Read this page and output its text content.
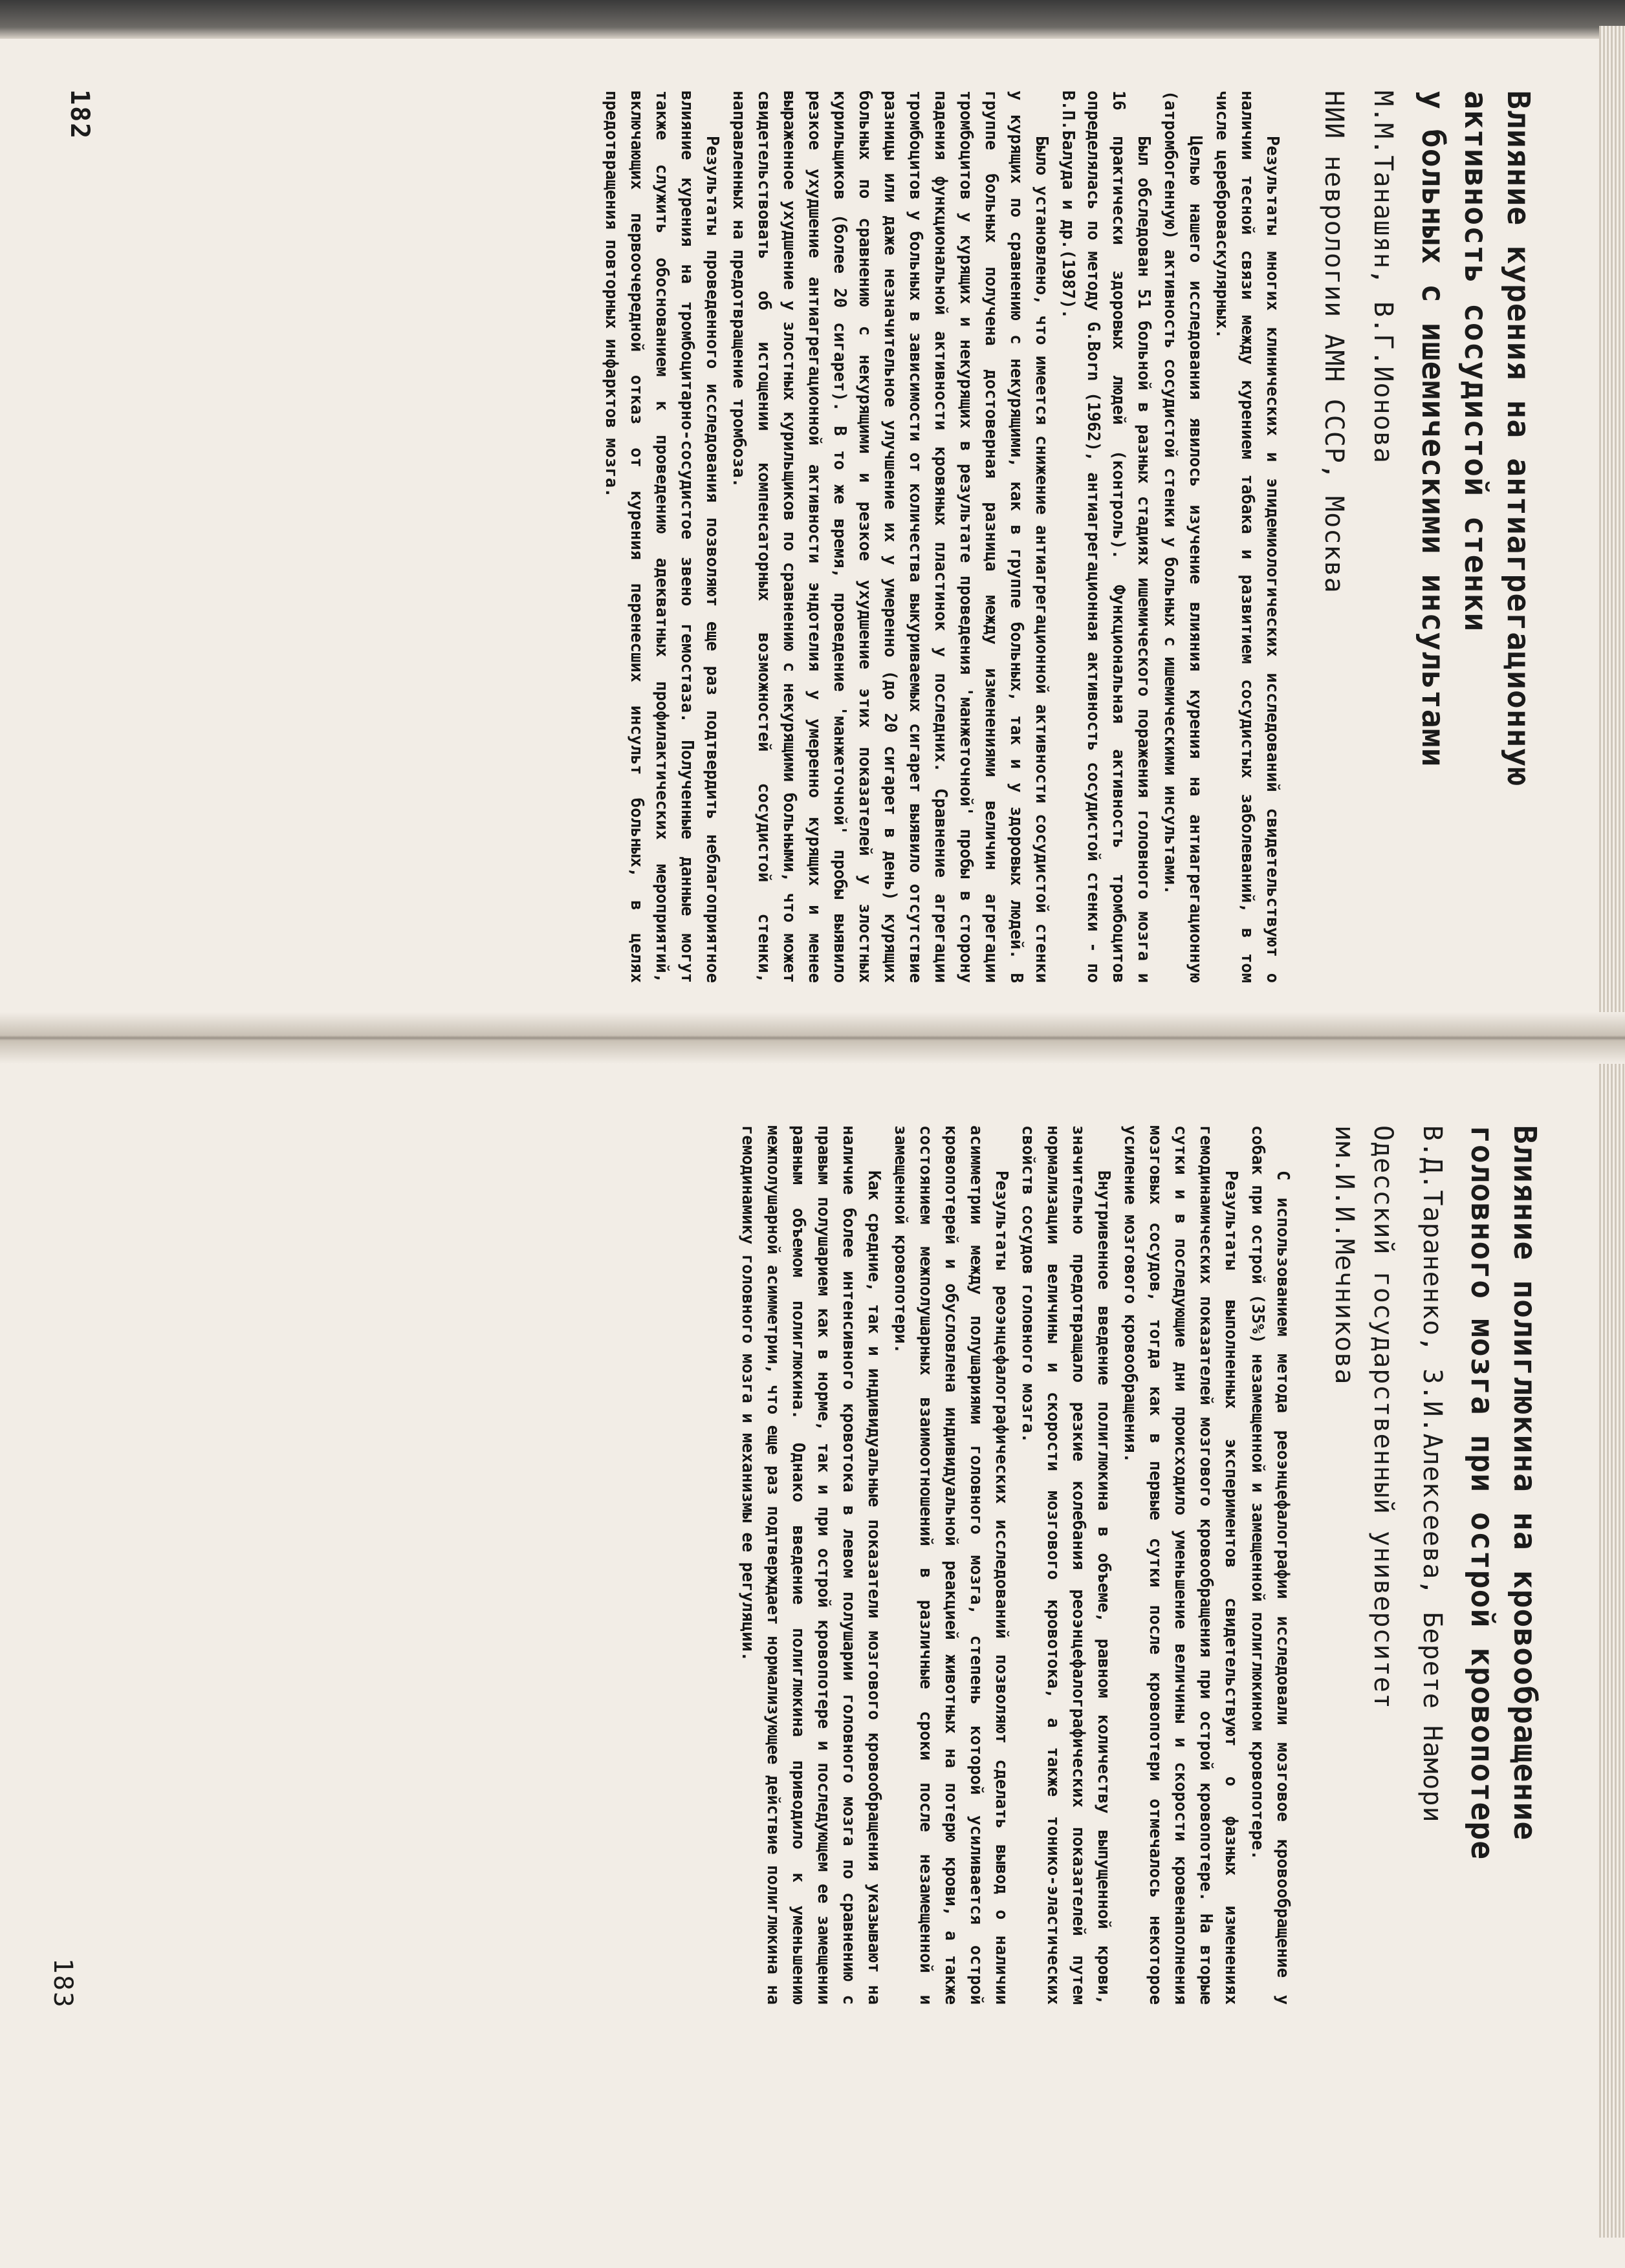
Влияние курения на антиагрегационную
активность сосудистой стенки
у больных с ишемическими инсультами
М.М.Танашян, В.Г.Ионова
НИИ неврологии АМН СССР, Москва

Результаты многих клинических и эпидемиологических исследований свидетельствуют о наличии тесной связи между курением табака и развитием сосудистых заболеваний, в том числе цереброваскулярных.

Целью нашего исследования явилось изучение влияния курения на антиагрегационную (атромбогенную) активность сосудистой стенки у больных с ишемическими инсультами.

Был обследован 51 больной в разных стадиях ишемического поражения головного мозга и 16 практически здоровых людей (контроль). Функциональная активность тромбоцитов определялась по методу G.Born (1962), антиагрегационная активность сосудистой стенки - по В.П.Балуда и др.(1987).

Было установлено, что имеется снижение антиагрегационной активности сосудистой стенки у курящих по сравнению с некурящими, как в группе больных, так и у здоровых людей. В группе больных получена достоверная разница между изменениями величин агрегации тромбоцитов у курящих и некурящих в результате проведения 'манжеточной' пробы в сторону падения функциональной активности кровяных пластинок у последних. Сравнение агрегации тромбоцитов у больных в зависимости от количества выкуриваемых сигарет выявило отсутствие разницы или даже незначительное улучшение их у умеренно (до 20 сигарет в день) курящих больных по сравнению с некурящими и резкое ухудшение этих показателей у злостных курильщиков (более 20 сигарет). В то же время, проведение 'манжеточной' пробы выявило резкое ухудшение антиагрегационной активности эндотелия у умеренно курящих и менее выраженное ухудшение у злостных курильщиков по сравнению с некурящими больными, что может свидетельствовать об истощении компенсаторных возможностей сосудистой стенки, направленных на предотвращение тромбоза.

Результаты проведенного исследования позволяют еще раз подтвердить неблагоприятное влияние курения на тромбоцитарно-сосудистое звено гемостаза. Полученные данные могут также служить обоснованием к проведению адекватных профилактических мероприятий, включающих первоочередной отказ от курения перенесших инсульт больных, в целях предотвращения повторных инфарктов мозга.

182
Влияние полиглюкина на кровообращение
головного мозга при острой кровопотере
В.Д.Тараненко, З.И.Алексеева, Берете Намори
Одесский государственный университет
им.И.И.Мечникова

С использованием метода реоэнцефалографии исследовали мозговое кровообращение у собак при острой (35%) незамещенной и замещенной полиглюкином кровопотере.

Результаты выполненных экспериментов свидетельствуют о фазных изменениях гемодинамических показателей мозгового кровообращения при острой кровопотере. На вторые сутки и в последующие дни происходило уменьшение величины и скорости кровенаполнения мозговых сосудов, тогда как в первые сутки после кровопотери отмечалось некоторое усиление мозгового кровообращения.

Внутривенное введение полиглюкина в объеме, равном количеству выпущенной крови, значительно предотвращало резкие колебания реоэнцефалографических показателей путем нормализации величины и скорости мозгового кровотока, а также тонико-эластических свойств сосудов головного мозга.

Результаты реоэнцефалографических исследований позволяют сделать вывод о наличии асимметрии между полушариями головного мозга, степень которой усиливается острой кровопотерей и обусловлена индивидуальной реакцией животных на потерю крови, а также состоянием межполушарных взаимоотношений в различные сроки после незамещенной и замещенной кровопотери.

Как средние, так и индивидуальные показатели мозгового кровообращения указывают на наличие более интенсивного кровотока в левом полушарии головного мозга по сравнению с правым полушарием как в норме, так и при острой кровопотере и последующем ее замещении равным объемом полиглюкина. Однако введение полиглюкина приводило к уменьшению межполушарной асимметрии, что еще раз подтверждает нормализующее действие полиглюкина на гемодинамику головного мозга и механизмы ее регуляции.

183
